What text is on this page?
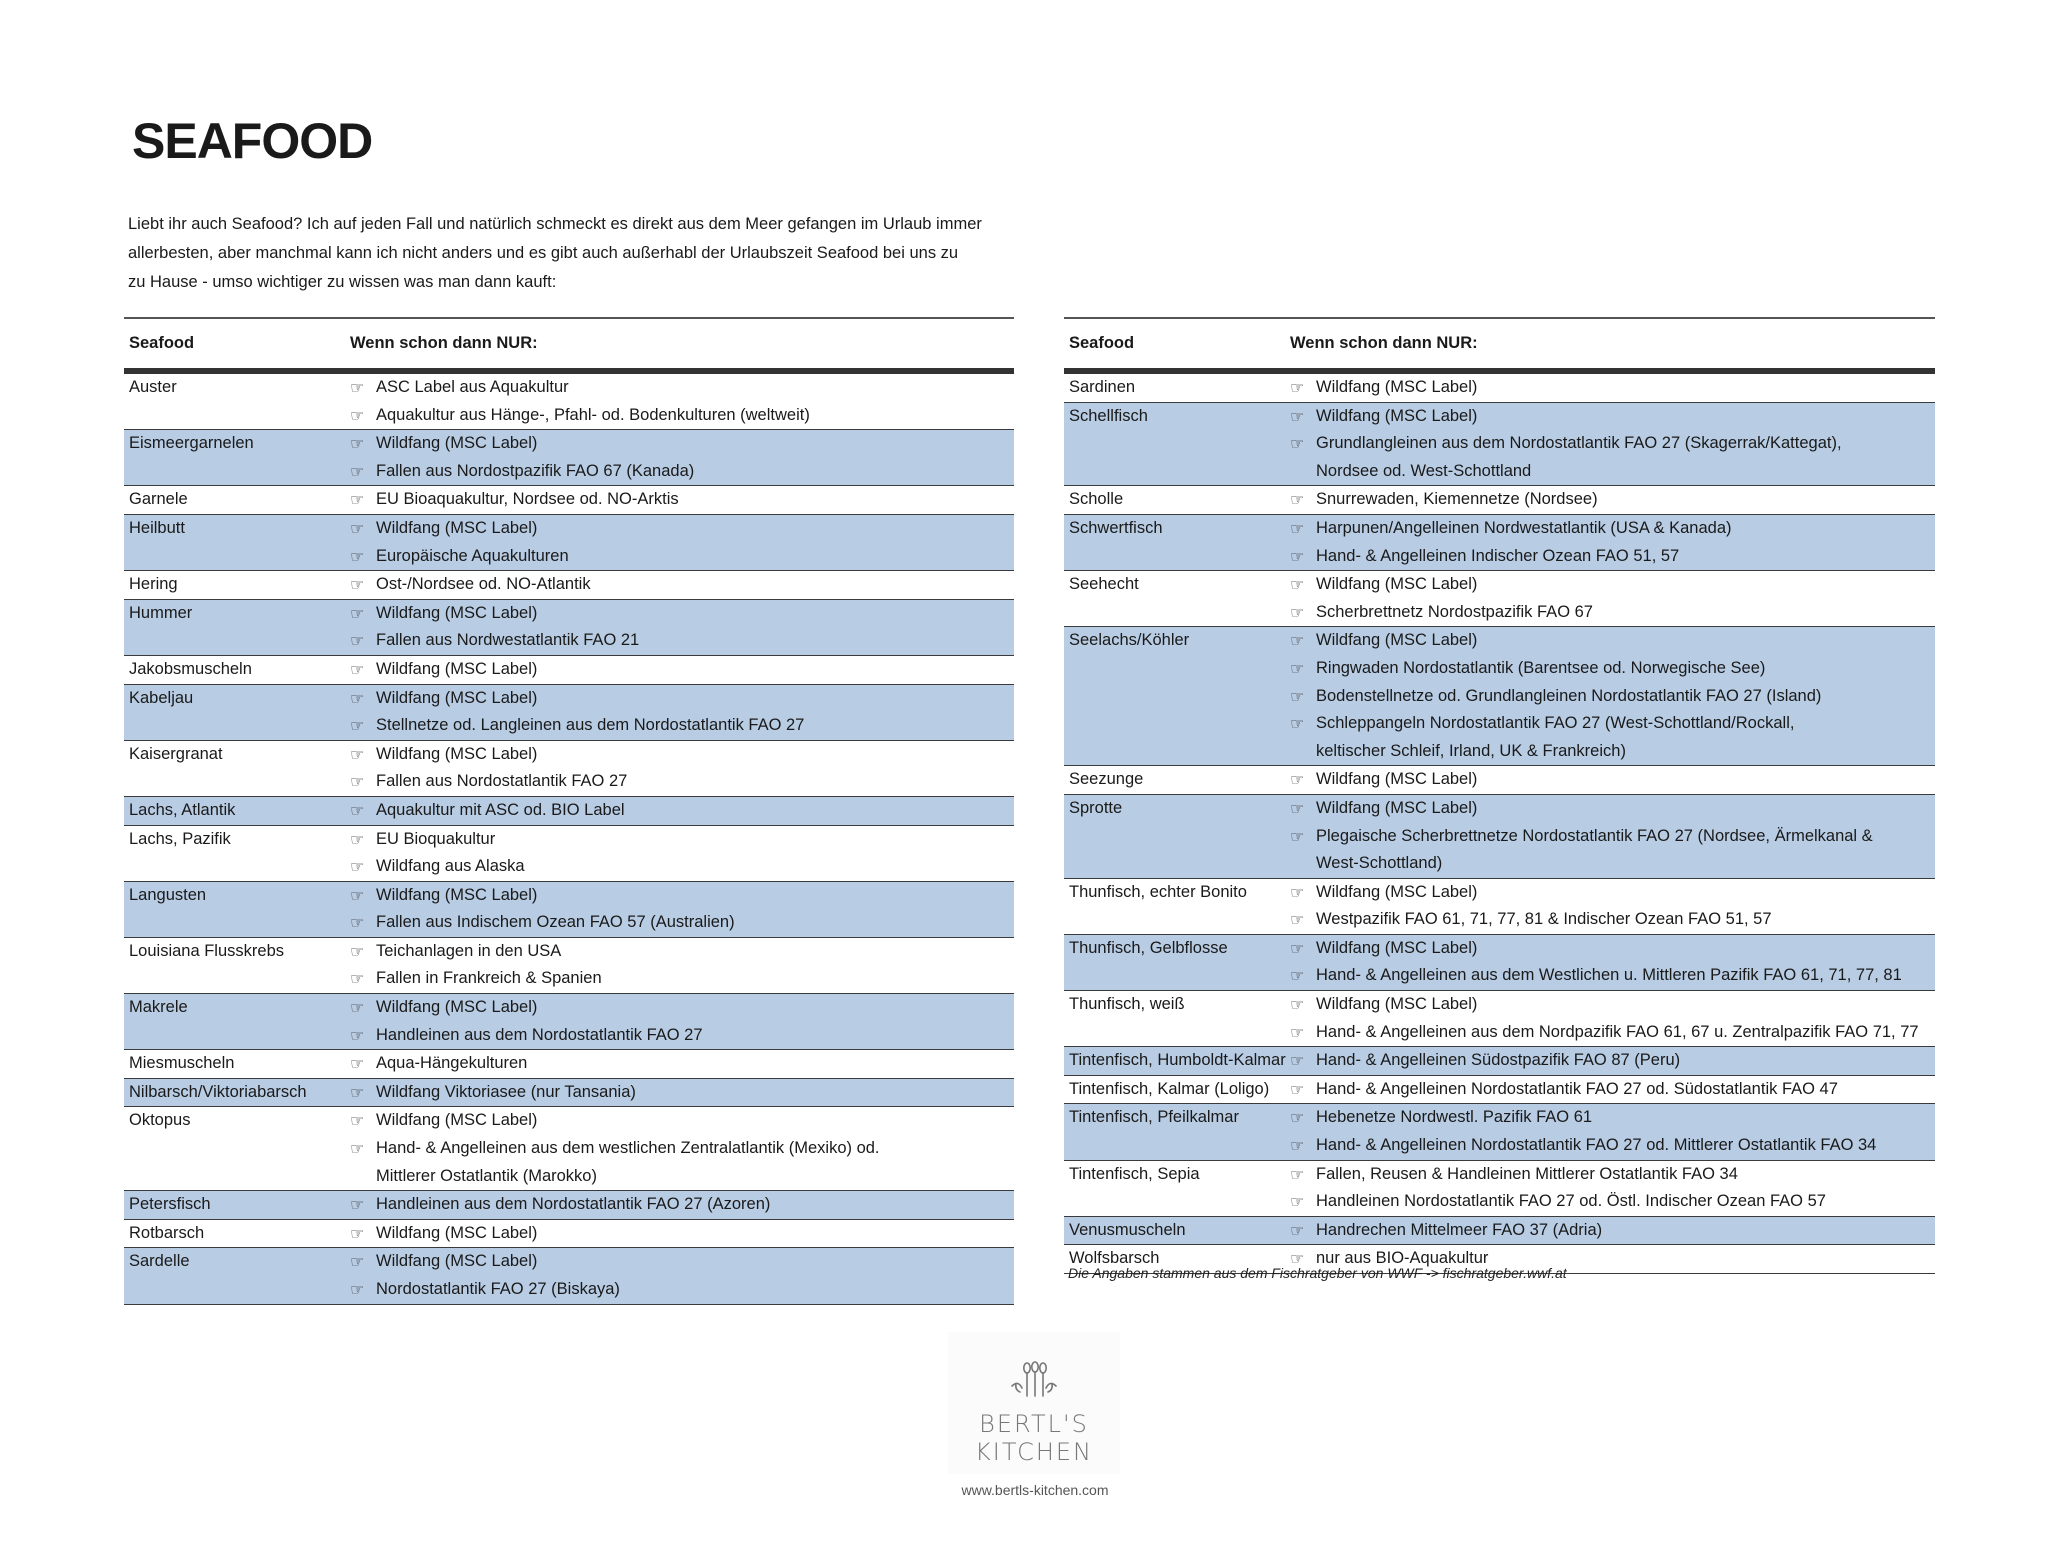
SEAFOOD
Liebt ihr auch Seafood? Ich auf jeden Fall und natürlich schmeckt es direkt aus dem Meer gefangen im Urlaub immer
allerbesten, aber manchmal kann ich nicht anders und es gibt auch außerhabl der Urlaubszeit Seafood bei uns zu
zu Hause - umso wichtiger zu wissen was man dann kauft:
Seafood	Wenn schon dann NUR:
Auster	☞ ASC Label aus Aquakultur
☞ Aquakultur aus Hänge-, Pfahl- od. Bodenkulturen (weltweit)
Eismeergarnelen	☞ Wildfang (MSC Label)
☞ Fallen aus Nordostpazifik FAO 67 (Kanada)
Garnele	☞ EU Bioaquakultur, Nordsee od. NO-Arktis
Heilbutt	☞ Wildfang (MSC Label)
☞ Europäische Aquakulturen
Hering	☞ Ost-/Nordsee od. NO-Atlantik
Hummer	☞ Wildfang (MSC Label)
☞ Fallen aus Nordwestatlantik FAO 21
Jakobsmuscheln	☞ Wildfang (MSC Label)
Kabeljau	☞ Wildfang (MSC Label)
☞ Stellnetze od. Langleinen aus dem Nordostatlantik FAO 27
Kaisergranat	☞ Wildfang (MSC Label)
☞ Fallen aus Nordostatlantik FAO 27
Lachs, Atlantik	☞ Aquakultur mit ASC od. BIO Label
Lachs, Pazifik	☞ EU Bioquakultur
☞ Wildfang aus Alaska
Langusten	☞ Wildfang (MSC Label)
☞ Fallen aus Indischem Ozean FAO 57 (Australien)
Louisiana Flusskrebs	☞ Teichanlagen in den USA
☞ Fallen in Frankreich & Spanien
Makrele	☞ Wildfang (MSC Label)
☞ Handleinen aus dem Nordostatlantik FAO 27
Miesmuscheln	☞ Aqua-Hängekulturen
Nilbarsch/Viktoriabarsch	☞ Wildfang Viktoriasee (nur Tansania)
Oktopus	☞ Wildfang (MSC Label)
☞ Hand- & Angelleinen aus dem westlichen Zentralatlantik (Mexiko) od.
Mittlerer Ostatlantik (Marokko)
Petersfisch	☞ Handleinen aus dem Nordostatlantik FAO 27 (Azoren)
Rotbarsch	☞ Wildfang (MSC Label)
Sardelle	☞ Wildfang (MSC Label)
☞ Nordostatlantik FAO 27 (Biskaya)
Seafood	Wenn schon dann NUR:
Sardinen	☞ Wildfang (MSC Label)
Schellfisch	☞ Wildfang (MSC Label)
☞ Grundlangleinen aus dem Nordostatlantik FAO 27 (Skagerrak/Kattegat),
Nordsee od. West-Schottland
Scholle	☞ Snurrewaden, Kiemennetze (Nordsee)
Schwertfisch	☞ Harpunen/Angelleinen Nordwestatlantik (USA & Kanada)
☞ Hand- & Angelleinen Indischer Ozean FAO 51, 57
Seehecht	☞ Wildfang (MSC Label)
☞ Scherbrettnetz Nordostpazifik FAO 67
Seelachs/Köhler	☞ Wildfang (MSC Label)
☞ Ringwaden Nordostatlantik (Barentsee od. Norwegische See)
☞ Bodenstellnetze od. Grundlangleinen Nordostatlantik FAO 27 (Island)
☞ Schleppangeln Nordostatlantik FAO 27 (West-Schottland/Rockall,
keltischer Schleif, Irland, UK & Frankreich)
Seezunge	☞ Wildfang (MSC Label)
Sprotte	☞ Wildfang (MSC Label)
☞ Plegaische Scherbrettnetze Nordostatlantik FAO 27 (Nordsee, Ärmelkanal &
West-Schottland)
Thunfisch, echter Bonito	☞ Wildfang (MSC Label)
☞ Westpazifik FAO 61, 71, 77, 81 & Indischer Ozean FAO 51, 57
Thunfisch, Gelbflosse	☞ Wildfang (MSC Label)
☞ Hand- & Angelleinen aus dem Westlichen u. Mittleren Pazifik FAO 61, 71, 77, 81
Thunfisch, weiß	☞ Wildfang (MSC Label)
☞ Hand- & Angelleinen aus dem Nordpazifik FAO 61, 67 u. Zentralpazifik FAO 71, 77
Tintenfisch, Humboldt-Kalmar ☞ Hand- & Angelleinen Südostpazifik FAO 87 (Peru)
Tintenfisch, Kalmar (Loligo)	☞ Hand- & Angelleinen Nordostatlantik FAO 27 od. Südostatlantik FAO 47
Tintenfisch, Pfeilkalmar	☞ Hebenetze Nordwestl. Pazifik FAO 61
☞ Hand- & Angelleinen Nordostatlantik FAO 27 od. Mittlerer Ostatlantik FAO 34
Tintenfisch, Sepia	☞ Fallen, Reusen & Handleinen Mittlerer Ostatlantik FAO 34
☞ Handleinen Nordostatlantik FAO 27 od. Östl. Indischer Ozean FAO 57
Venusmuscheln	☞ Handrechen Mittelmeer FAO 37 (Adria)
Wolfsbarsch	☞ nur aus BIO-Aquakultur
Die Angaben stammen aus dem Fischratgeber von WWF -> fischratgeber.wwf.at
BERTL'S KITCHEN
www.bertls-kitchen.com
